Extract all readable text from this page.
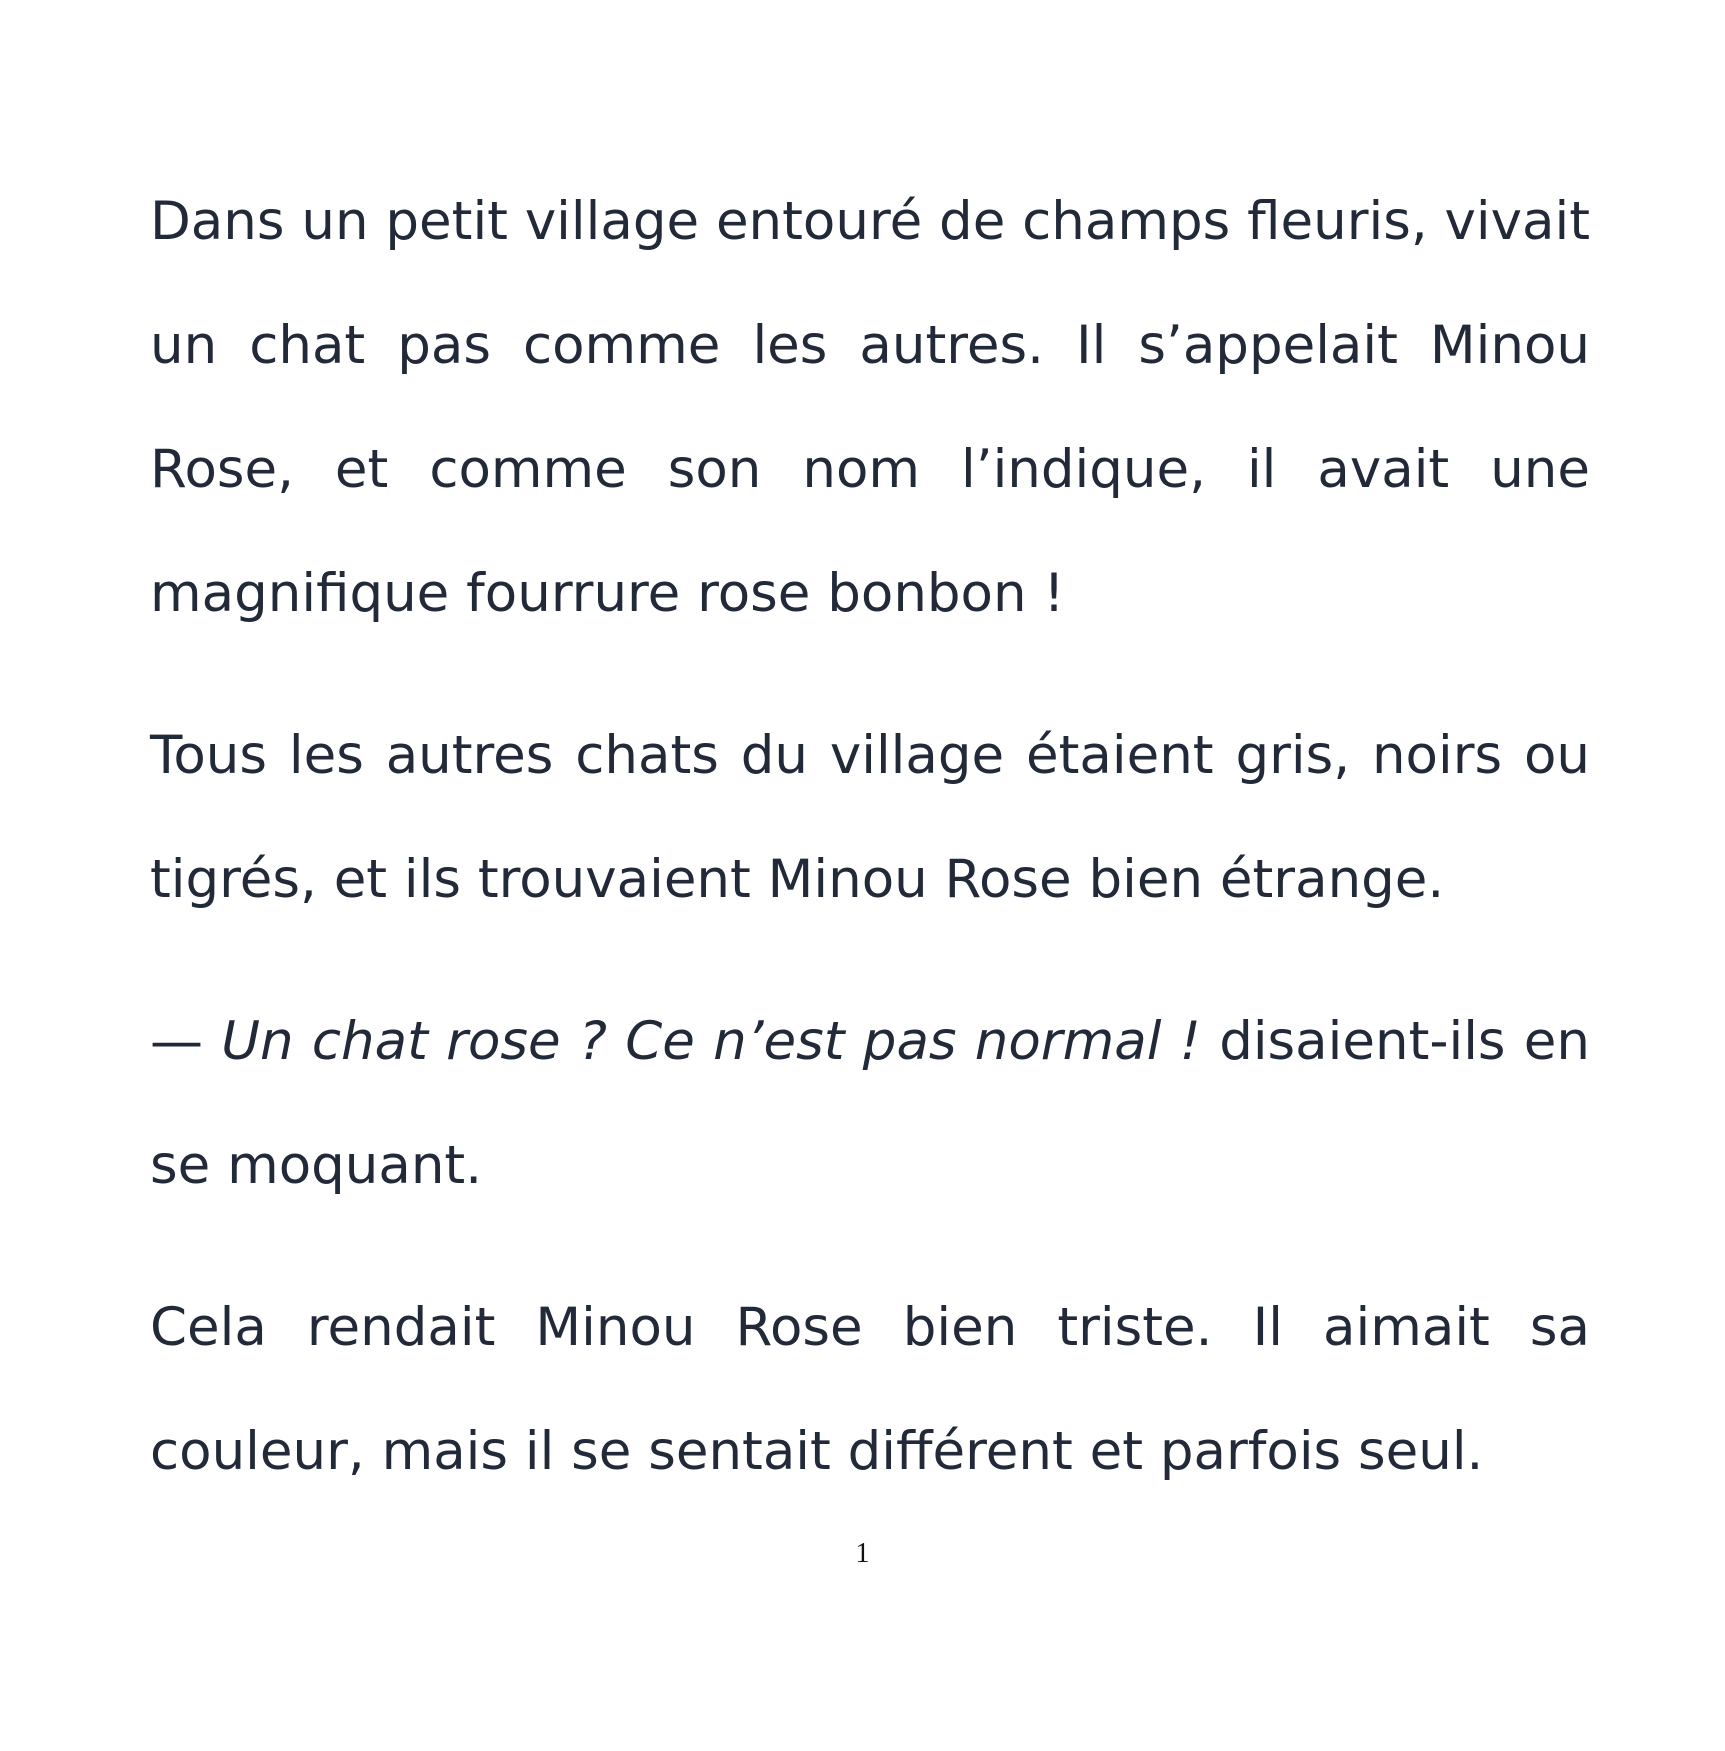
Dans un petit village entouré de champs fleuris, vivait un chat pas comme les autres. Il s’appelait Minou Rose, et comme son nom l’indique, il avait une magnifique fourrure rose bonbon !

Tous les autres chats du village étaient gris, noirs ou tigrés, et ils trouvaient Minou Rose bien étrange.

— Un chat rose ? Ce n’est pas normal ! disaient-ils en se moquant.

Cela rendait Minou Rose bien triste. Il aimait sa couleur, mais il se sentait différent et parfois seul.

1
